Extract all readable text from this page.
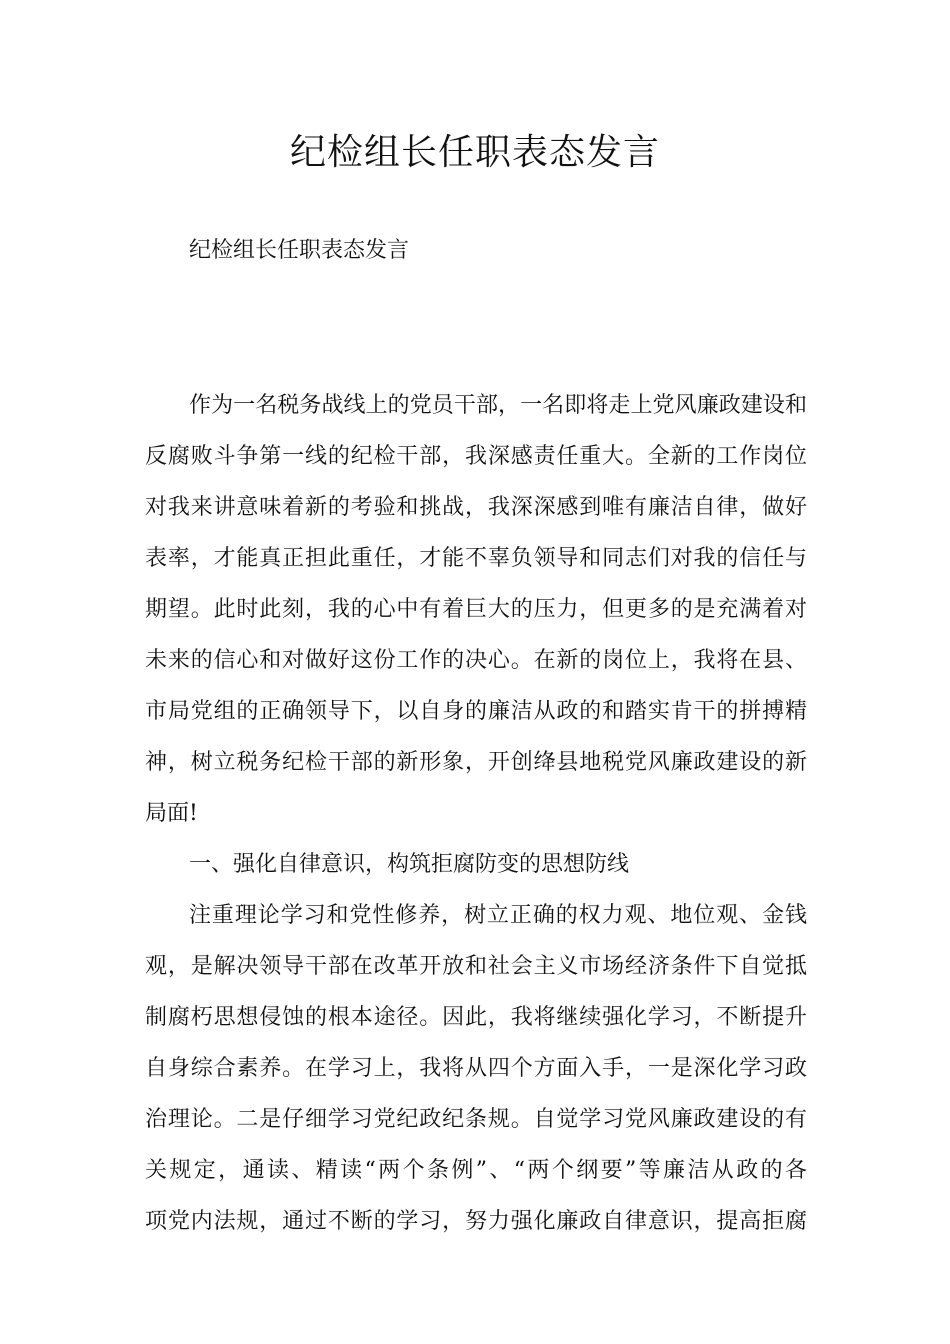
纪检组长任职表态发言

纪检组长任职表态发言

作为一名税务战线上的党员干部，一名即将走上党风廉政建设和
反腐败斗争第一线的纪检干部，我深感责任重大。全新的工作岗位
对我来讲意味着新的考验和挑战，我深深感到唯有廉洁自律，做好
表率，才能真正担此重任，才能不辜负领导和同志们对我的信任与
期望。此时此刻，我的心中有着巨大的压力，但更多的是充满着对
未来的信心和对做好这份工作的决心。在新的岗位上，我将在县、
市局党组的正确领导下，以自身的廉洁从政的和踏实肯干的拼搏精
神，树立税务纪检干部的新形象，开创绛县地税党风廉政建设的新
局面!
一、强化自律意识，构筑拒腐防变的思想防线
注重理论学习和党性修养，树立正确的权力观、地位观、金钱
观，是解决领导干部在改革开放和社会主义市场经济条件下自觉抵
制腐朽思想侵蚀的根本途径。因此，我将继续强化学习，不断提升
自身综合素养。在学习上，我将从四个方面入手，一是深化学习政
治理论。二是仔细学习党纪政纪条规。自觉学习党风廉政建设的有
关规定，通读、精读“两个条例”、“两个纲要”等廉洁从政的各
项党内法规，通过不断的学习，努力强化廉政自律意识，提高拒腐
